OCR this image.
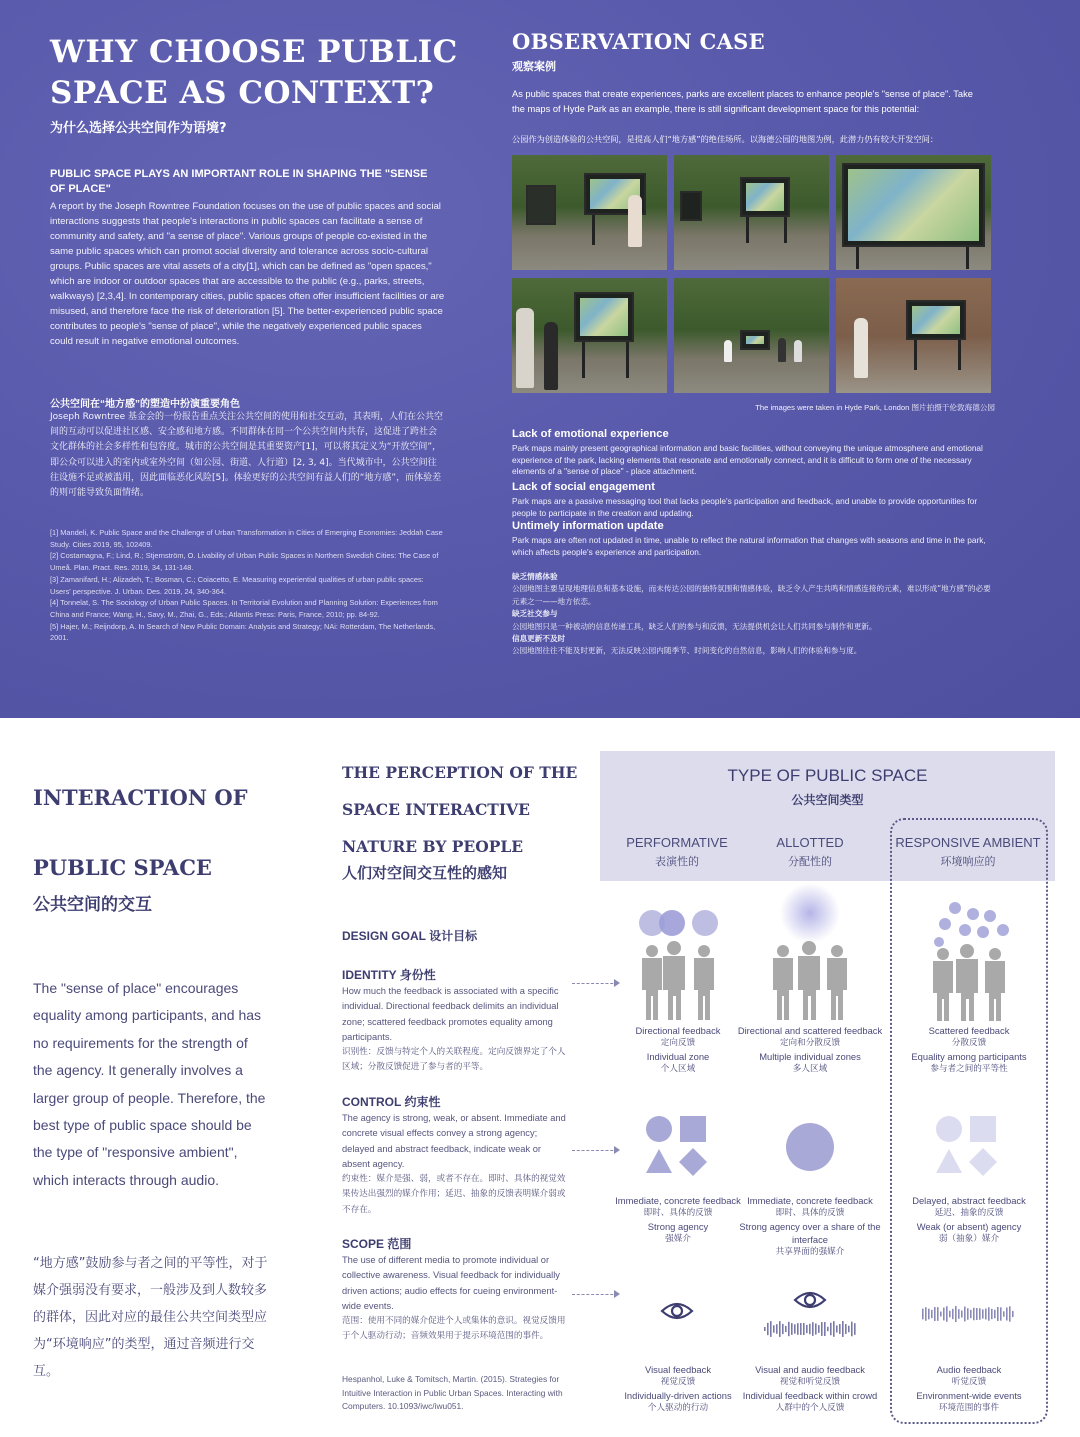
WHY CHOOSE PUBLIC SPACE AS CONTEXT?
为什么选择公共空间作为语境?
PUBLIC SPACE PLAYS AN IMPORTANT ROLE IN SHAPING THE "SENSE OF PLACE"

A report by the Joseph Rowntree Foundation focuses on the use of public spaces and social interactions suggests that people's interactions in public spaces can facilitate a sense of community and safety, and "a sense of place". Various groups of people co-existed in the same public spaces which can promot social diversity and tolerance across socio-cultural groups. Public spaces are vital assets of a city[1], which can be defined as "open spaces," which are indoor or outdoor spaces that are accessible to the public (e.g., parks, streets, walkways) [2,3,4]. In contemporary cities, public spaces often offer insufficient facilities or are misused, and therefore face the risk of deterioration [5]. The better-experienced public space contributes to people's "sense of place", while the negatively experienced public spaces could result in negative emotional outcomes.

公共空间在“地方感”的塑造中扮演重要角色

Joseph Rowntree 基金会的一份报告重点关注公共空间的使用和社交互动，其表明，人们在公共空间的互动可以促进社区感、安全感和地方感。不同群体在同一个公共空间内共存，这促进了跨社会文化群体的社会多样性和包容度。城市的公共空间是其重要资产[1]，可以将其定义为“开放空间”，即公众可以进入的室内或室外空间（如公园、街道、人行道）[2, 3, 4]。当代城市中，公共空间往往设施不足或被滥用，因此面临恶化风险[5]。体验更好的公共空间有益人们的“地方感”，而体验差的则可能导致负面情绪。

[1] Mandeli, K. Public Space and the Challenge of Urban Transformation in Cities of Emerging Economies: Jeddah Case Study. Cities 2019, 95, 102409.
[2] Costamagna, F.; Lind, R.; Stjernström, O. Livability of Urban Public Spaces in Northern Swedish Cities: The Case of Umeå. Plan. Pract. Res. 2019, 34, 131-148.
[3] Zamanifard, H.; Alizadeh, T.; Bosman, C.; Coiacetto, E. Measuring experiential qualities of urban public spaces: Users' perspective. J. Urban. Des. 2019, 24, 340-364.
[4] Tonnelat, S. The Sociology of Urban Public Spaces. In Territorial Evolution and Planning Solution: Experiences from China and France; Wang, H., Savy, M., Zhai, G., Eds.; Atlantis Press: Paris, France, 2010; pp. 84-92.
[5] Hajer, M.; Reijndorp, A. In Search of New Public Domain: Analysis and Strategy; NAi: Rotterdam, The Netherlands, 2001.
OBSERVATION CASE
观察案例

As public spaces that create experiences, parks are excellent places to enhance people's "sense of place". Take the maps of Hyde Park as an example, there is still significant development space for this potential:

公园作为创造体验的公共空间，是提高人们“地方感”的绝佳场所。以海德公园的地图为例，此潜力仍有较大开发空间：

The images were taken in Hyde Park, London 图片拍摄于伦敦海德公园
Lack of emotional experience

Park maps mainly present geographical information and basic facilities, without conveying the unique atmosphere and emotional experience of the park, lacking elements that resonate and emotionally connect, and it is difficult to form one of the necessary elements of a "sense of place" - place attachment.

Lack of social engagement

Park maps are a passive messaging tool that lacks people's participation and feedback, and unable to provide opportunities for people to participate in the creation and updating.

Untimely information update

Park maps are often not updated in time, unable to reflect the natural information that changes with seasons and time in the park, which affects people's experience and participation.

缺乏情感体验
公园地图主要呈现地理信息和基本设施，而未传达公园的独特氛围和情感体验，缺乏令人产生共鸣和情感连接的元素，难以形成“地方感”的必要元素之一——地方依恋。
缺乏社交参与
公园地图只是一种被动的信息传递工具，缺乏人们的参与和反馈，无法提供机会让人们共同参与制作和更新。
信息更新不及时
公园地图往往不能及时更新，无法反映公园内随季节、时间变化的自然信息，影响人们的体验和参与度。
INTERACTION OF PUBLIC SPACE
公共空间的交互

The "sense of place" encourages equality among participants, and has no requirements for the strength of the agency. It generally involves a larger group of people. Therefore, the best type of public space should be the type of "responsive ambient", which interacts through audio.

“地方感”鼓励参与者之间的平等性，对于媒介强弱没有要求，一般涉及到人数较多的群体，因此对应的最佳公共空间类型应为“环境响应”的类型，通过音频进行交互。

THE PERCEPTION OF THE SPACE INTERACTIVE NATURE BY PEOPLE
人们对空间交互性的感知
DESIGN GOAL 设计目标
IDENTITY 身份性
How much the feedback is associated with a specific individual. Directional feedback delimits an individual zone; scattered feedback promotes equality among participants.
识别性：反馈与特定个人的关联程度。定向反馈界定了个人区域；分散反馈促进了参与者的平等。
CONTROL 约束性
The agency is strong, weak, or absent. Immediate and concrete visual effects convey a strong agency; delayed and abstract feedback, indicate weak or absent agency.
约束性：媒介是强、弱，或者不存在。即时、具体的视觉效果传达出强烈的媒介作用；延迟、抽象的反馈表明媒介弱或不存在。
SCOPE 范围
The use of different media to promote individual or collective awareness. Visual feedback for individually driven actions; audio effects for cueing environment-wide events.
范围：使用不同的媒介促进个人或集体的意识。视觉反馈用于个人驱动行动；音频效果用于提示环境范围的事件。

Hespanhol, Luke & Tomitsch, Martin. (2015). Strategies for Intuitive Interaction in Public Urban Spaces. Interacting with Computers. 10.1093/iwc/iwu051.

TYPE OF PUBLIC SPACE
公共空间类型
PERFORMATIVE
表演性的
ALLOTTED
分配性的
RESPONSIVE AMBIENT
环境响应的
Directional feedback
定向反馈
Individual zone
个人区域
Directional and scattered feedback
定向和分散反馈
Multiple individual zones
多人区域
Scattered feedback
分散反馈
Equality among participants
参与者之间的平等性
Immediate, concrete feedback
即时、具体的反馈
Strong agency
强媒介
Immediate, concrete feedback
即时、具体的反馈
Strong agency over a share of the interface
共享界面的强媒介
Delayed, abstract feedback
延迟、抽象的反馈
Weak (or absent) agency
弱（抽象）媒介
Visual feedback
视觉反馈
Individually-driven actions
个人驱动的行动
Visual and audio feedback
视觉和听觉反馈
Individual feedback within crowd
人群中的个人反馈
Audio feedback
听觉反馈
Environment-wide events
环境范围的事件
